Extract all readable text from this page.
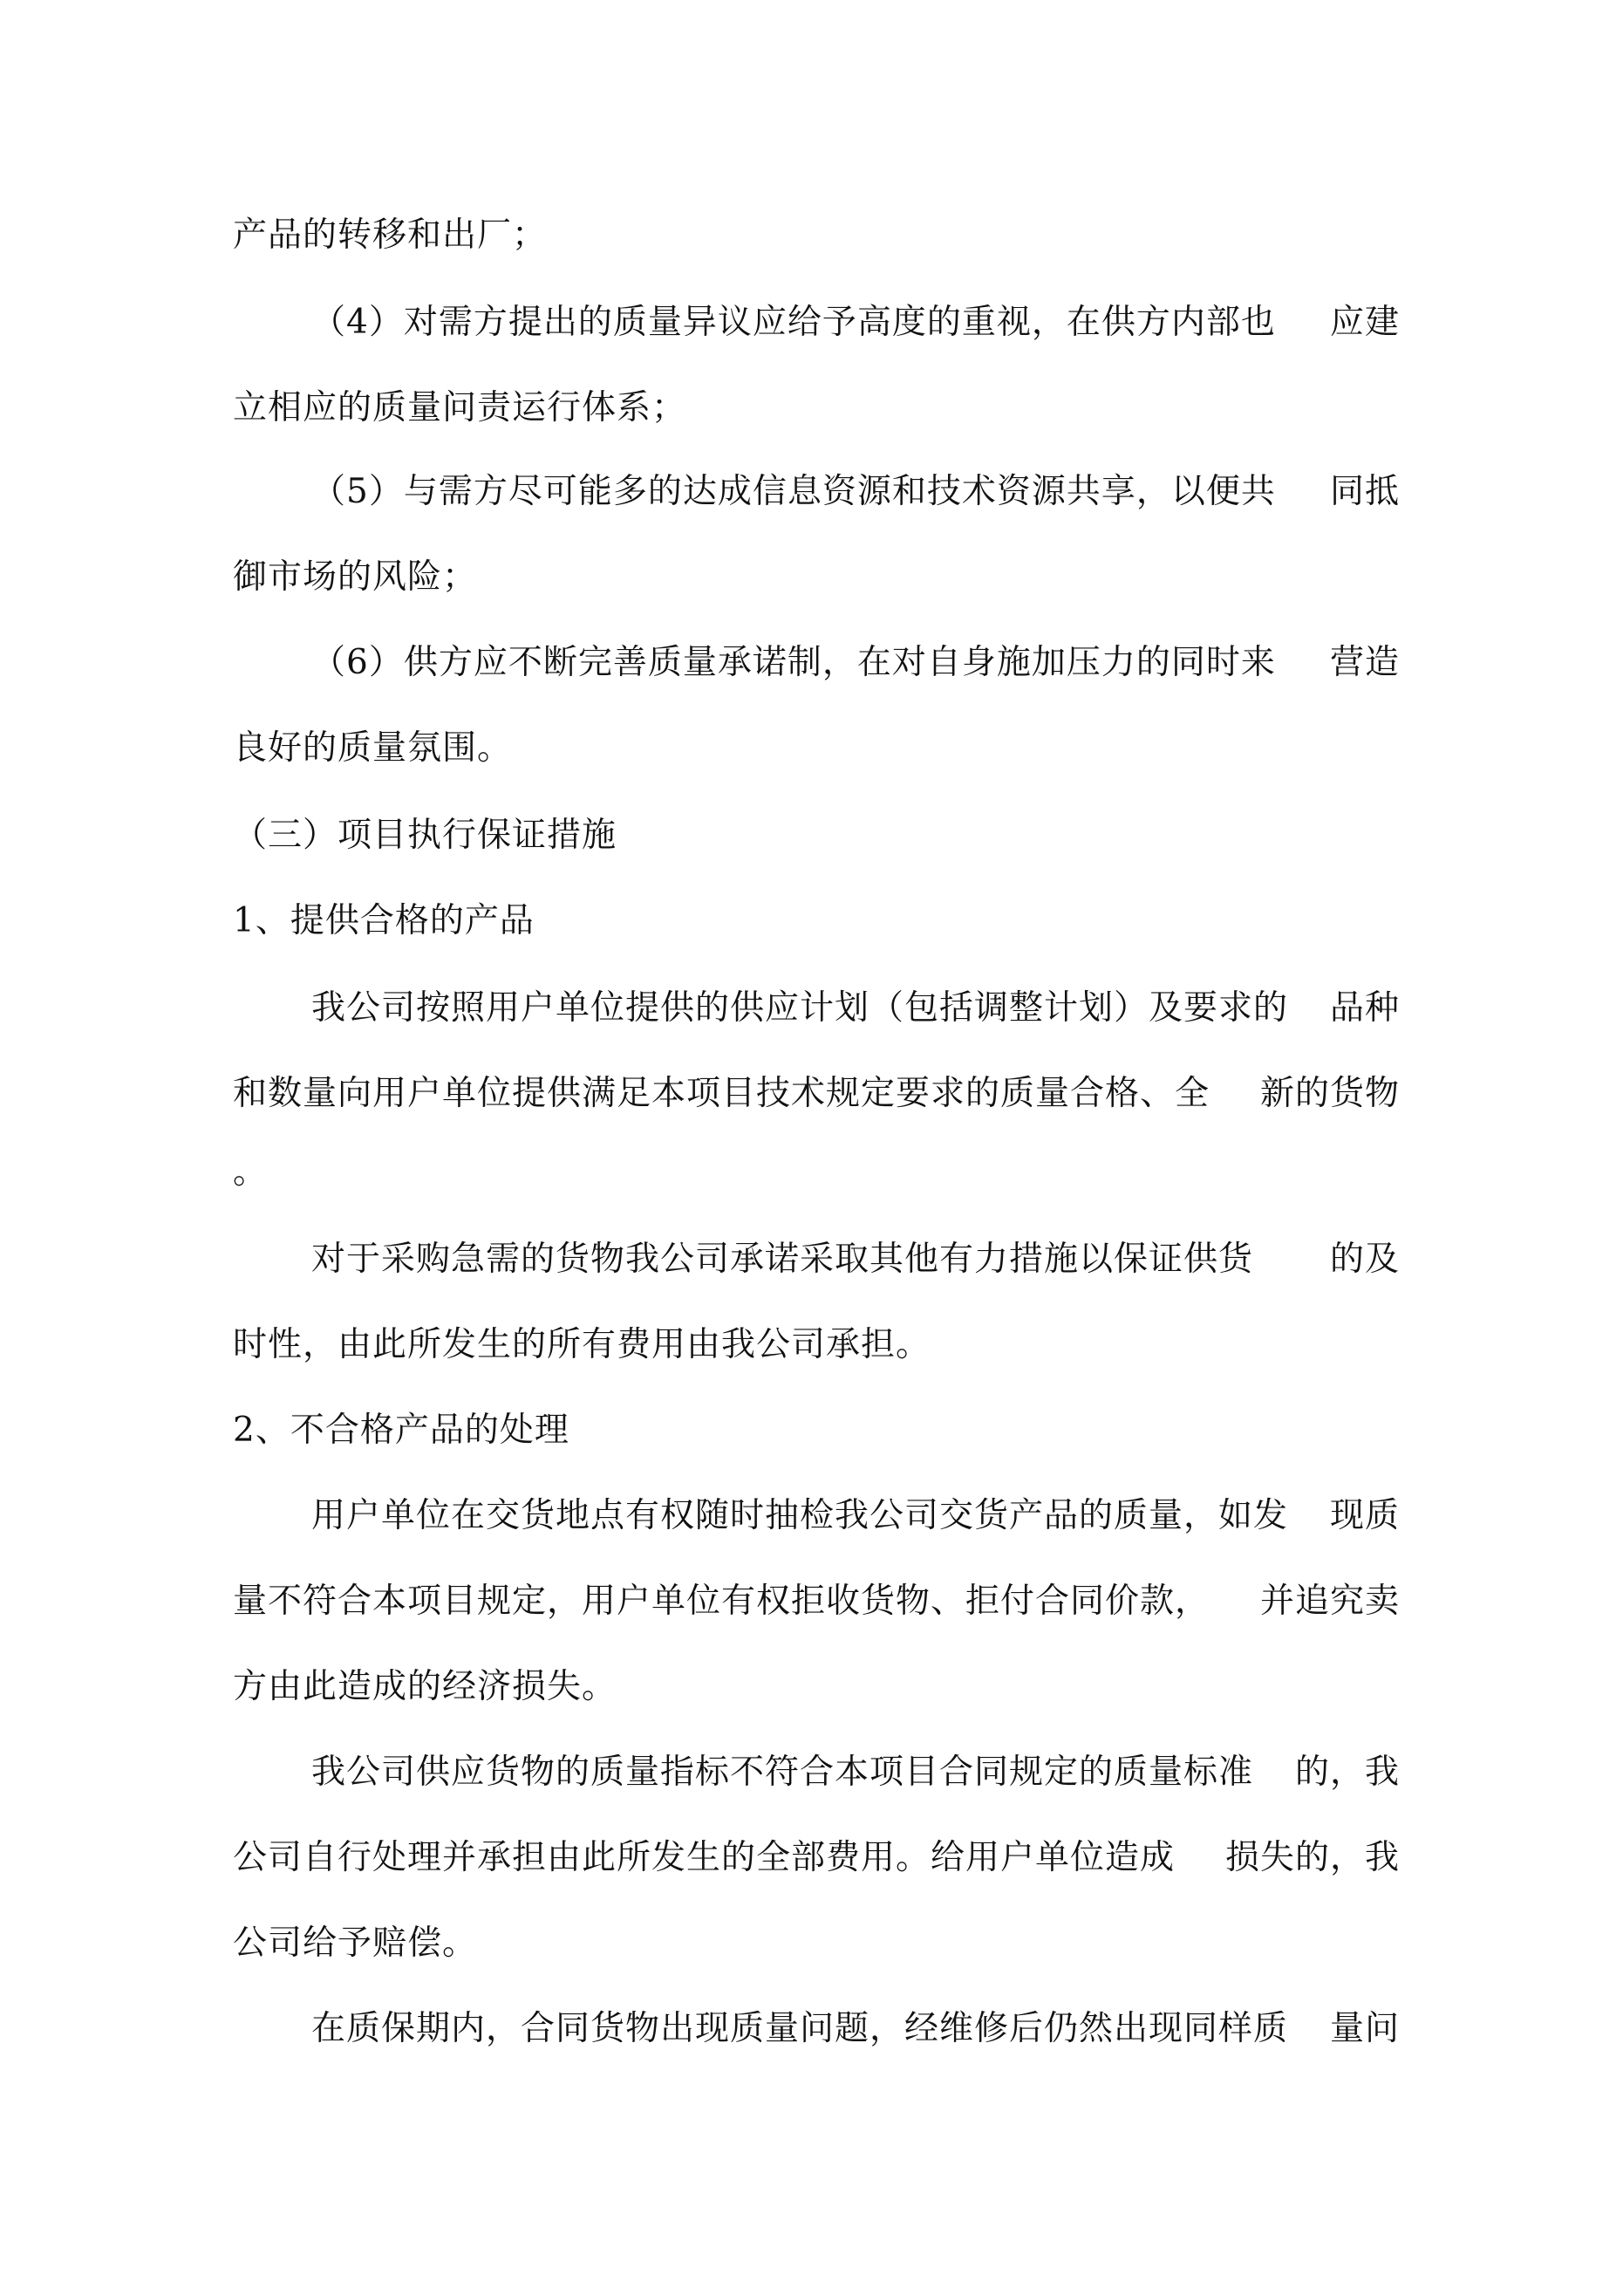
产品的转移和出厂；
（4）对需方提出的质量异议应给予高度的重视，在供方内部也 应建
立相应的质量问责运行体系；
（5）与需方尽可能多的达成信息资源和技术资源共享，以便共 同抵
御市场的风险；
（6）供方应不断完善质量承诺制，在对自身施加压力的同时来 营造
良好的质量氛围。
（三）项目执行保证措施
1、提供合格的产品
我公司按照用户单位提供的供应计划（包括调整计划）及要求的 品种
和数量向用户单位提供满足本项目技术规定要求的质量合格、全 新的货物
。
对于采购急需的货物我公司承诺采取其他有力措施以保证供货 的及
时性，由此所发生的所有费用由我公司承担。
2、不合格产品的处理
用户单位在交货地点有权随时抽检我公司交货产品的质量，如发 现质
量不符合本项目规定，用户单位有权拒收货物、拒付合同价款， 并追究卖
方由此造成的经济损失。
我公司供应货物的质量指标不符合本项目合同规定的质量标准 的，我
公司自行处理并承担由此所发生的全部费用。给用户单位造成 损失的，我
公司给予赔偿。
在质保期内，合同货物出现质量问题，经维修后仍然出现同样质 量问
